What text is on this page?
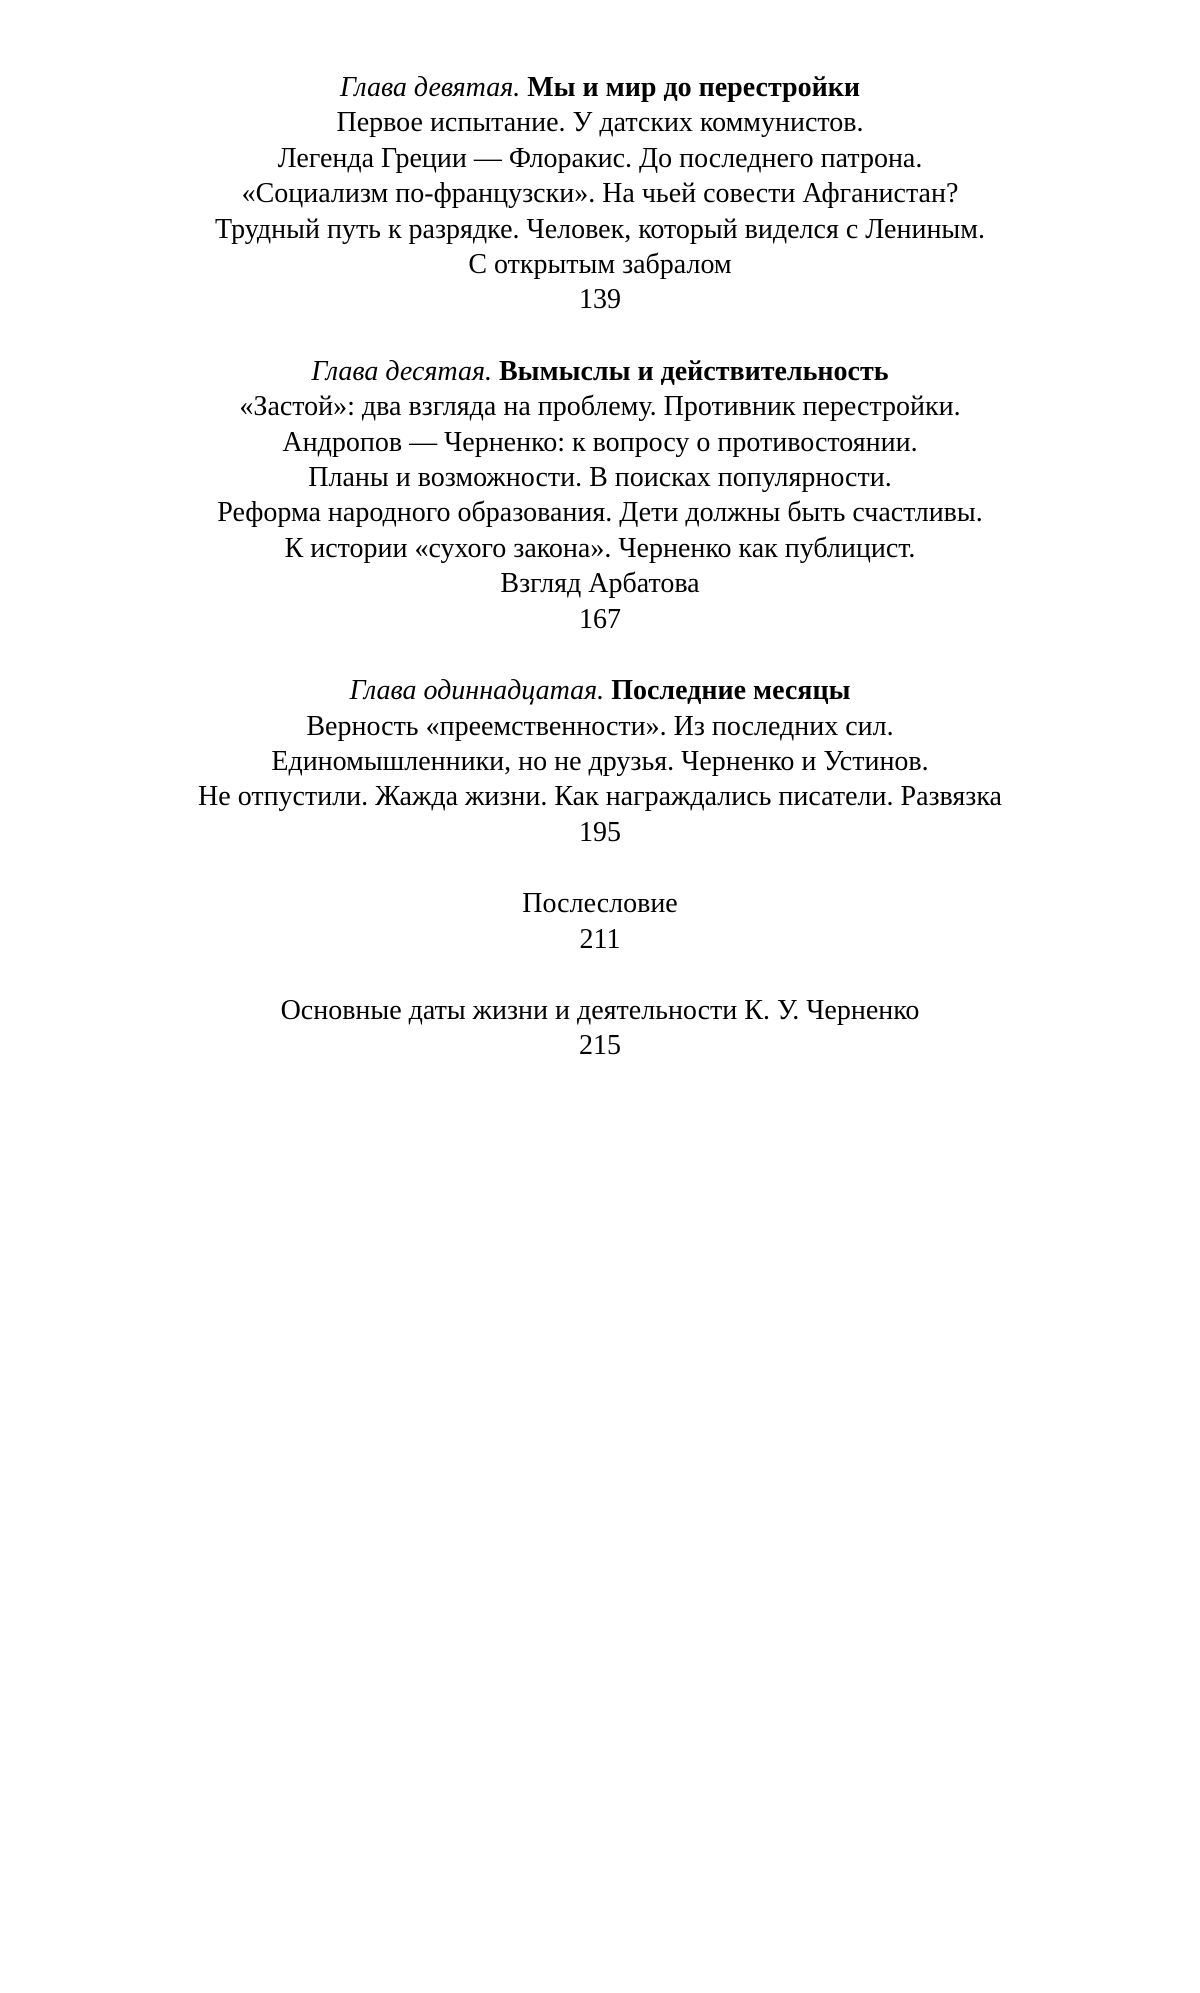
Глава девятая. Мы и мир до перестройки
Первое испытание. У датских коммунистов.
Легенда Греции — Флоракис. До последнего патрона.
«Социализм по-французски». На чьей совести Афганистан?
Трудный путь к разрядке. Человек, который виделся с Лениным.
С открытым забралом
139
Глава десятая. Вымыслы и действительность
«Застой»: два взгляда на проблему. Противник перестройки.
Андропов — Черненко: к вопросу о противостоянии.
Планы и возможности. В поисках популярности.
Реформа народного образования. Дети должны быть счастливы.
К истории «сухого закона». Черненко как публицист.
Взгляд Арбатова
167
Глава одиннадцатая. Последние месяцы
Верность «преемственности». Из последних сил.
Единомышленники, но не друзья. Черненко и Устинов.
Не отпустили. Жажда жизни. Как награждались писатели. Развязка
195
Послесловие
211
Основные даты жизни и деятельности К. У. Черненко
215
